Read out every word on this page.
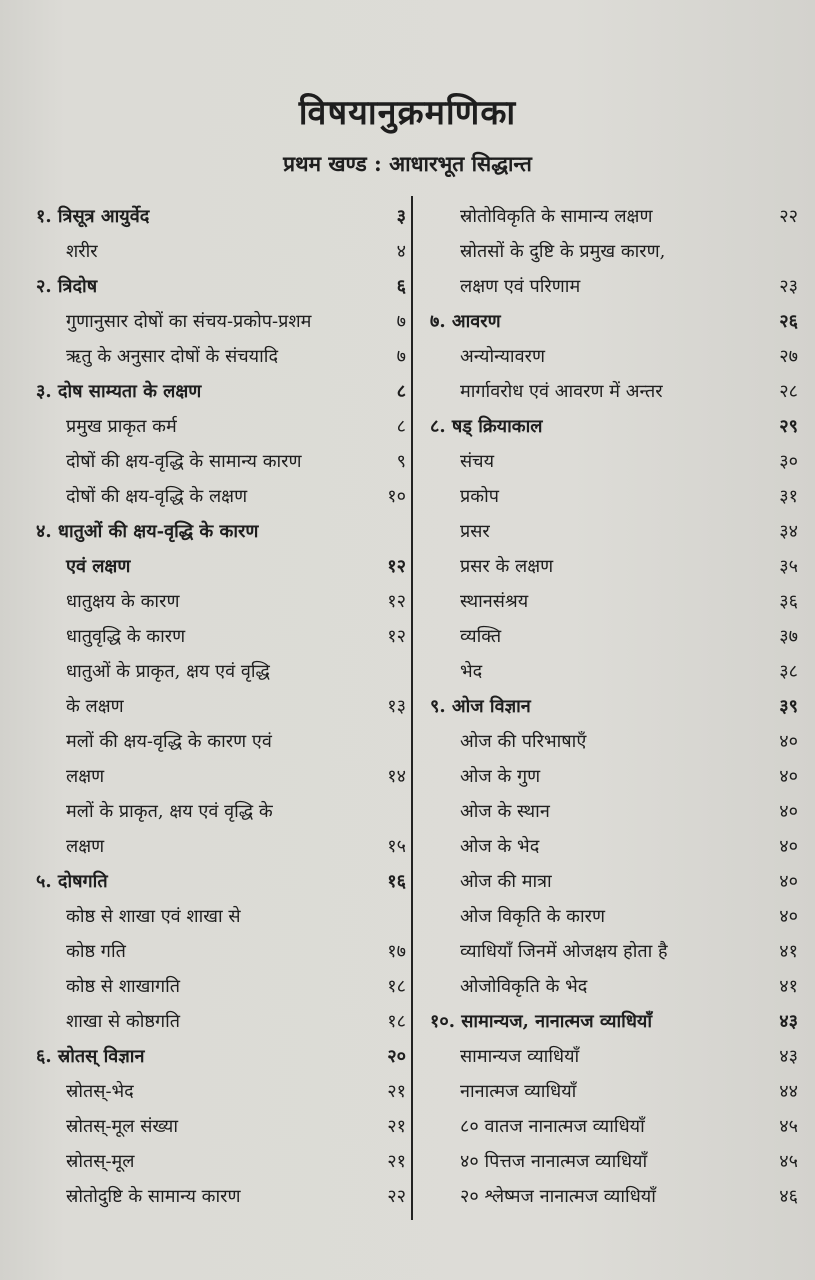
विषयानुक्रमणिका
प्रथम खण्ड : आधारभूत सिद्धान्त
१. त्रिसूत्र आयुर्वेद	३
शरीर	४
२. त्रिदोष	६
गुणानुसार दोषों का संचय-प्रकोप-प्रशम	७
ऋतु के अनुसार दोषों के संचयादि	७
३. दोष साम्यता के लक्षण	८
प्रमुख प्राकृत कर्म	८
दोषों की क्षय-वृद्धि के सामान्य कारण	९
दोषों की क्षय-वृद्धि के लक्षण	१०
४. धातुओं की क्षय-वृद्धि के कारण
एवं लक्षण	१२
धातुक्षय के कारण	१२
धातुवृद्धि के कारण	१२
धातुओं के प्राकृत, क्षय एवं वृद्धि
के लक्षण	१३
मलों की क्षय-वृद्धि के कारण एवं
लक्षण	१४
मलों के प्राकृत, क्षय एवं वृद्धि के
लक्षण	१५
५. दोषगति	१६
कोष्ठ से शाखा एवं शाखा से
कोष्ठ गति	१७
कोष्ठ से शाखागति	१८
शाखा से कोष्ठगति	१८
६. स्रोतस् विज्ञान	२०
स्रोतस्-भेद	२१
स्रोतस्-मूल संख्या	२१
स्रोतस्-मूल	२१
स्रोतोदुष्टि के सामान्य कारण	२२
स्रोतोविकृति के सामान्य लक्षण	२२
स्रोतसों के दुष्टि के प्रमुख कारण,
लक्षण एवं परिणाम	२३
७. आवरण	२६
अन्योन्यावरण	२७
मार्गावरोध एवं आवरण में अन्तर	२८
८. षड् क्रियाकाल	२९
संचय	३०
प्रकोप	३१
प्रसर	३४
प्रसर के लक्षण	३५
स्थानसंश्रय	३६
व्यक्ति	३७
भेद	३८
९. ओज विज्ञान	३९
ओज की परिभाषाएँ	४०
ओज के गुण	४०
ओज के स्थान	४०
ओज के भेद	४०
ओज की मात्रा	४०
ओज विकृति के कारण	४०
व्याधियाँ जिनमें ओजक्षय होता है	४१
ओजोविकृति के भेद	४१
१०. सामान्यज, नानात्मज व्याधियाँ	४३
सामान्यज व्याधियाँ	४३
नानात्मज व्याधियाँ	४४
८० वातज नानात्मज व्याधियाँ	४५
४० पित्तज नानात्मज व्याधियाँ	४५
२० श्लेष्मज नानात्मज व्याधियाँ	४६
